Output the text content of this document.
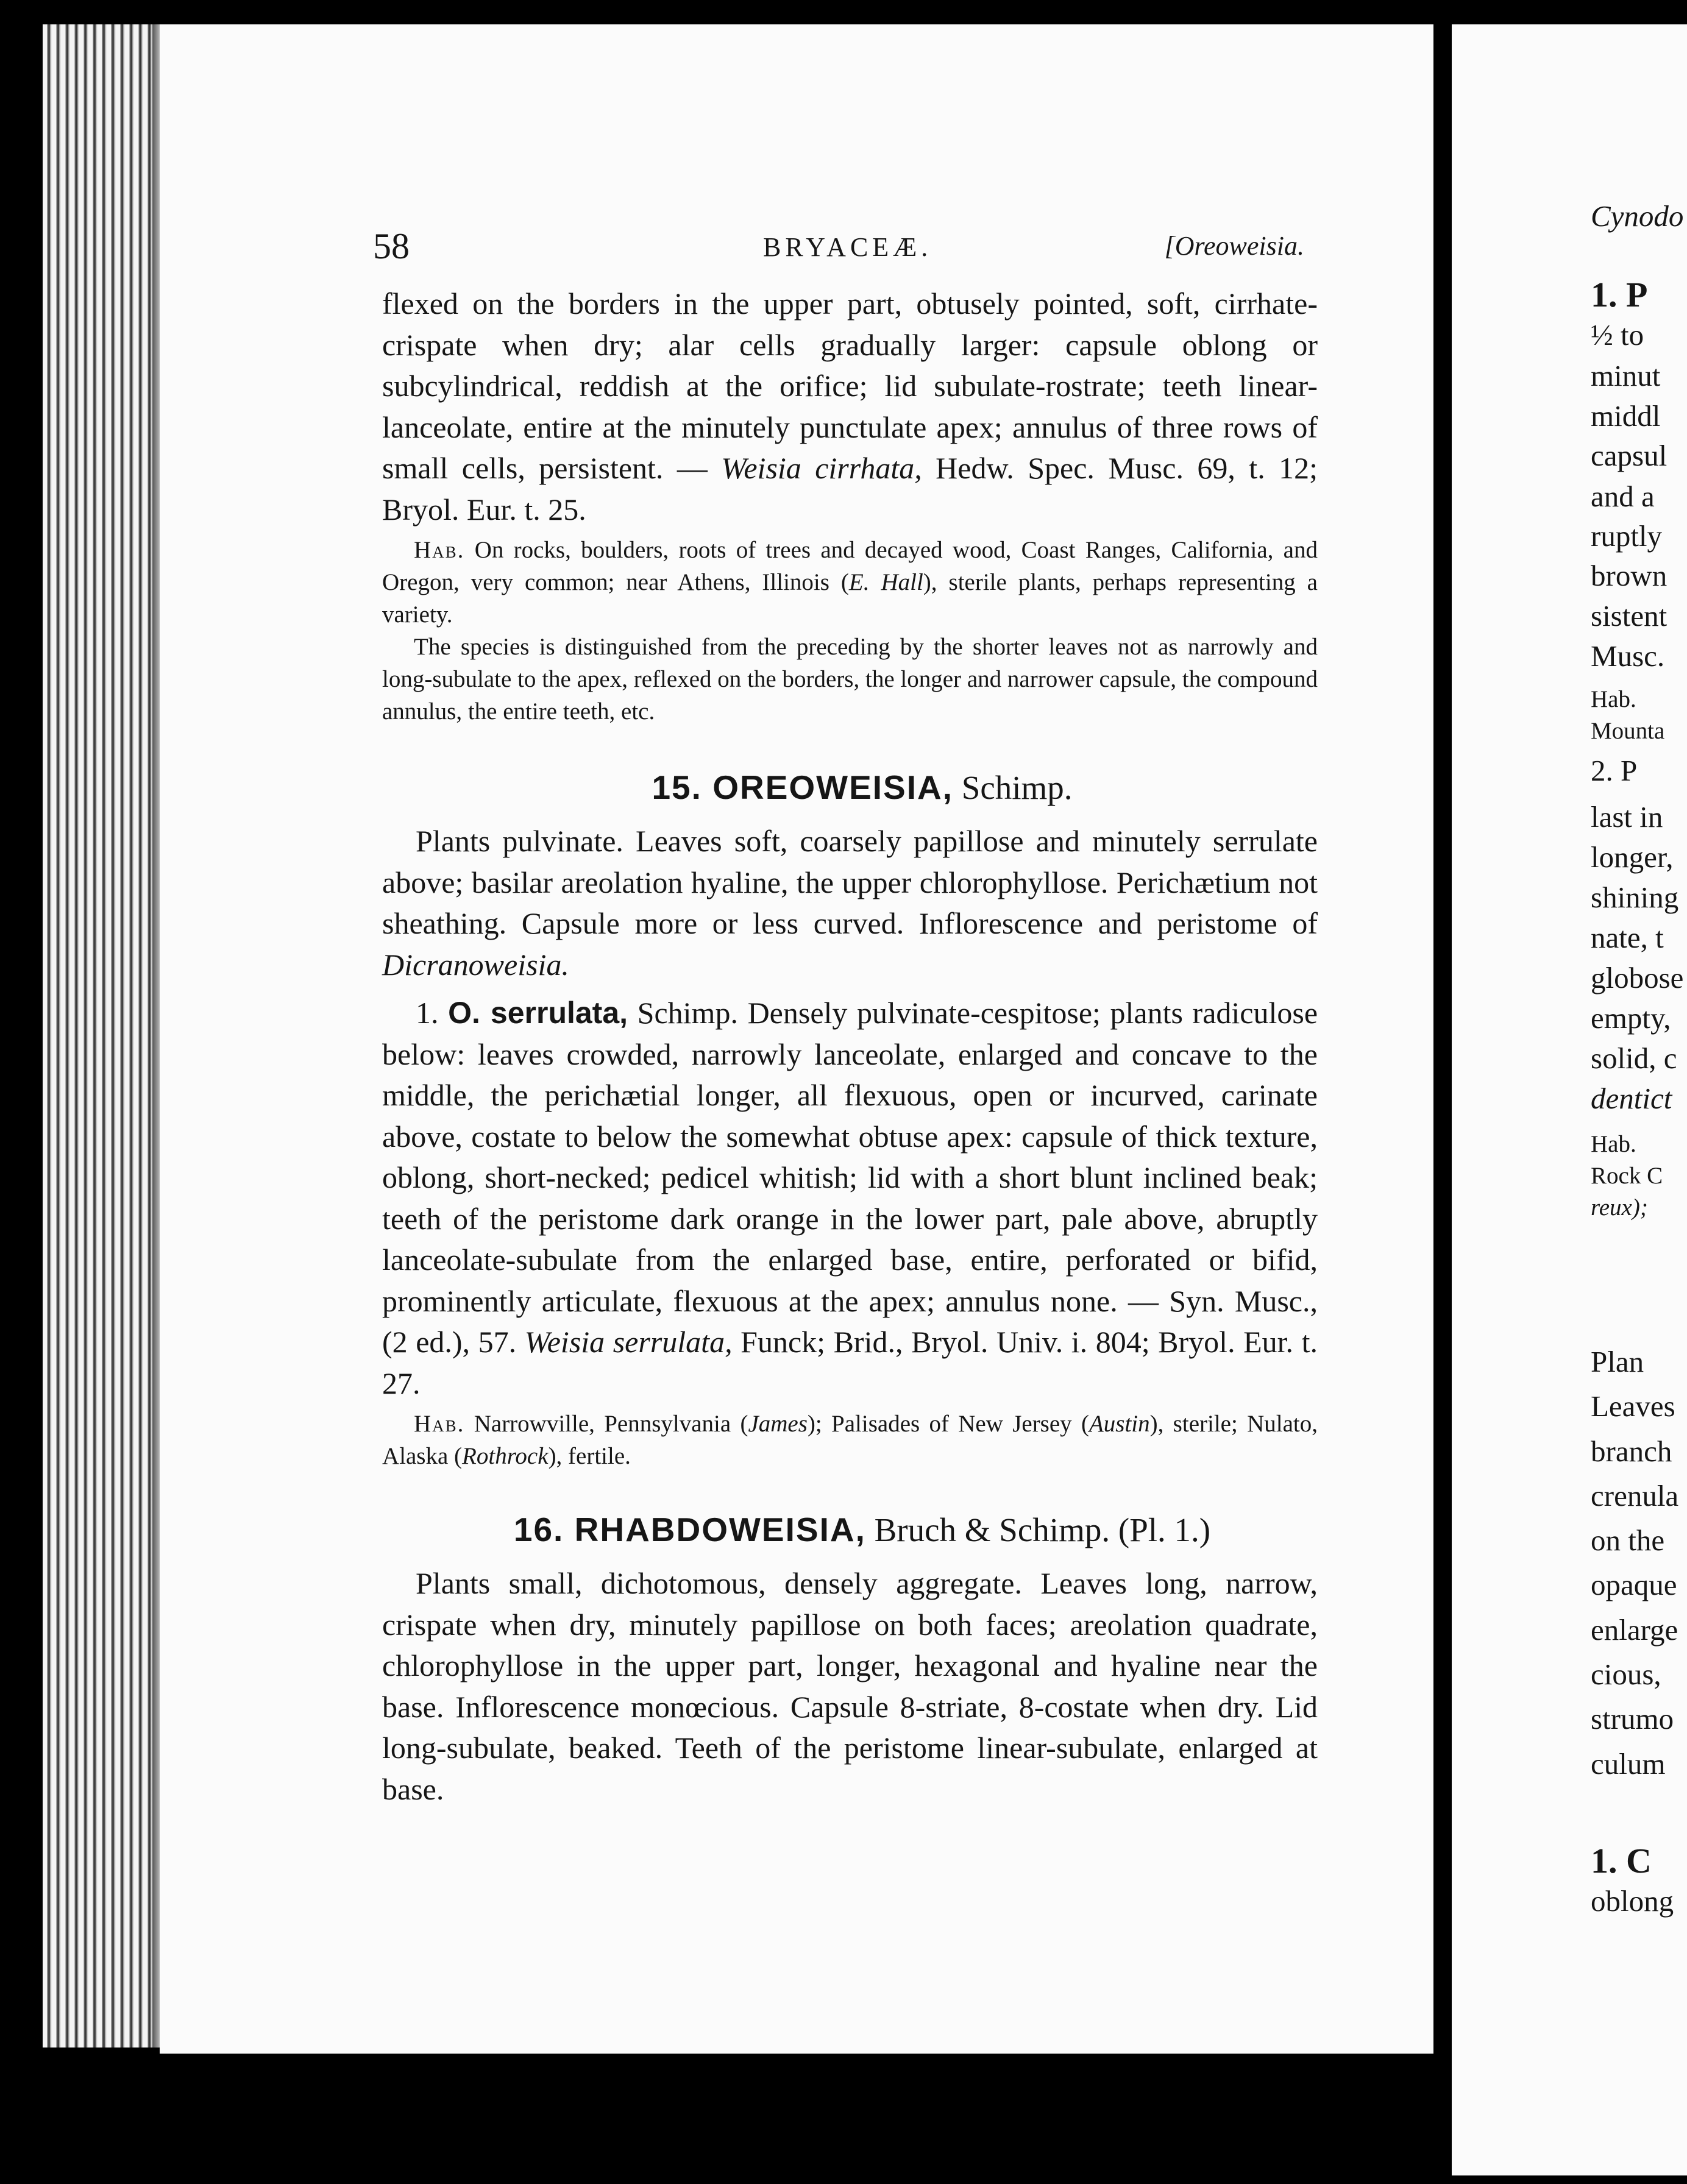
58	BRYACEÆ.	[Oreoweisia.

flexed on the borders in the upper part, obtusely pointed, soft, cirrhate-crispate when dry; alar cells gradually larger: capsule oblong or subcylindrical, reddish at the orifice; lid subulate-rostrate; teeth linear-lanceolate, entire at the minutely punctulate apex; annulus of three rows of small cells, persistent. — Weisia cirrhata, Hedw. Spec. Musc. 69, t. 12; Bryol. Eur. t. 25.

Hab. On rocks, boulders, roots of trees and decayed wood, Coast Ranges, California, and Oregon, very common; near Athens, Illinois (E. Hall), sterile plants, perhaps representing a variety.

The species is distinguished from the preceding by the shorter leaves not as narrowly and long-subulate to the apex, reflexed on the borders, the longer and narrower capsule, the compound annulus, the entire teeth, etc.

15. OREOWEISIA, Schimp.

Plants pulvinate. Leaves soft, coarsely papillose and minutely serrulate above; basilar areolation hyaline, the upper chlorophyllose. Perichætium not sheathing. Capsule more or less curved. Inflorescence and peristome of Dicranoweisia.

1. O. serrulata, Schimp. Densely pulvinate-cespitose; plants radiculose below: leaves crowded, narrowly lanceolate, enlarged and concave to the middle, the perichætial longer, all flexuous, open or incurved, carinate above, costate to below the somewhat obtuse apex: capsule of thick texture, oblong, short-necked; pedicel whitish; lid with a short blunt inclined beak; teeth of the peristome dark orange in the lower part, pale above, abruptly lanceolate-subulate from the enlarged base, entire, perforated or bifid, prominently articulate, flexuous at the apex; annulus none. — Syn. Musc., (2 ed.), 57. Weisia serrulata, Funck; Brid., Bryol. Univ. i. 804; Bryol. Eur. t. 27.

Hab. Narrowville, Pennsylvania (James); Palisades of New Jersey (Austin), sterile; Nulato, Alaska (Rothrock), fertile.

16. RHABDOWEISIA, Bruch & Schimp. (Pl. 1.)

Plants small, dichotomous, densely aggregate. Leaves long, narrow, crispate when dry, minutely papillose on both faces; areolation quadrate, chlorophyllose in the upper part, longer, hexagonal and hyaline near the base. Inflorescence monœcious. Capsule 8-striate, 8-costate when dry. Lid long-subulate, beaked. Teeth of the peristome linear-subulate, enlarged at base.

Cynodo
1. P
½ to
minut
middl
capsul
and a
ruptly
brown
sistent
Musc.
Hab.
Mounta
2. P
last in
longer,
shining
nate, t
globose
empty,
solid, c
dentict
Hab.
Rock C
reux);
Plan
Leaves
branch
crenula
on the
opaque
enlarge
cious,
strumo
culum
1. C
oblong
